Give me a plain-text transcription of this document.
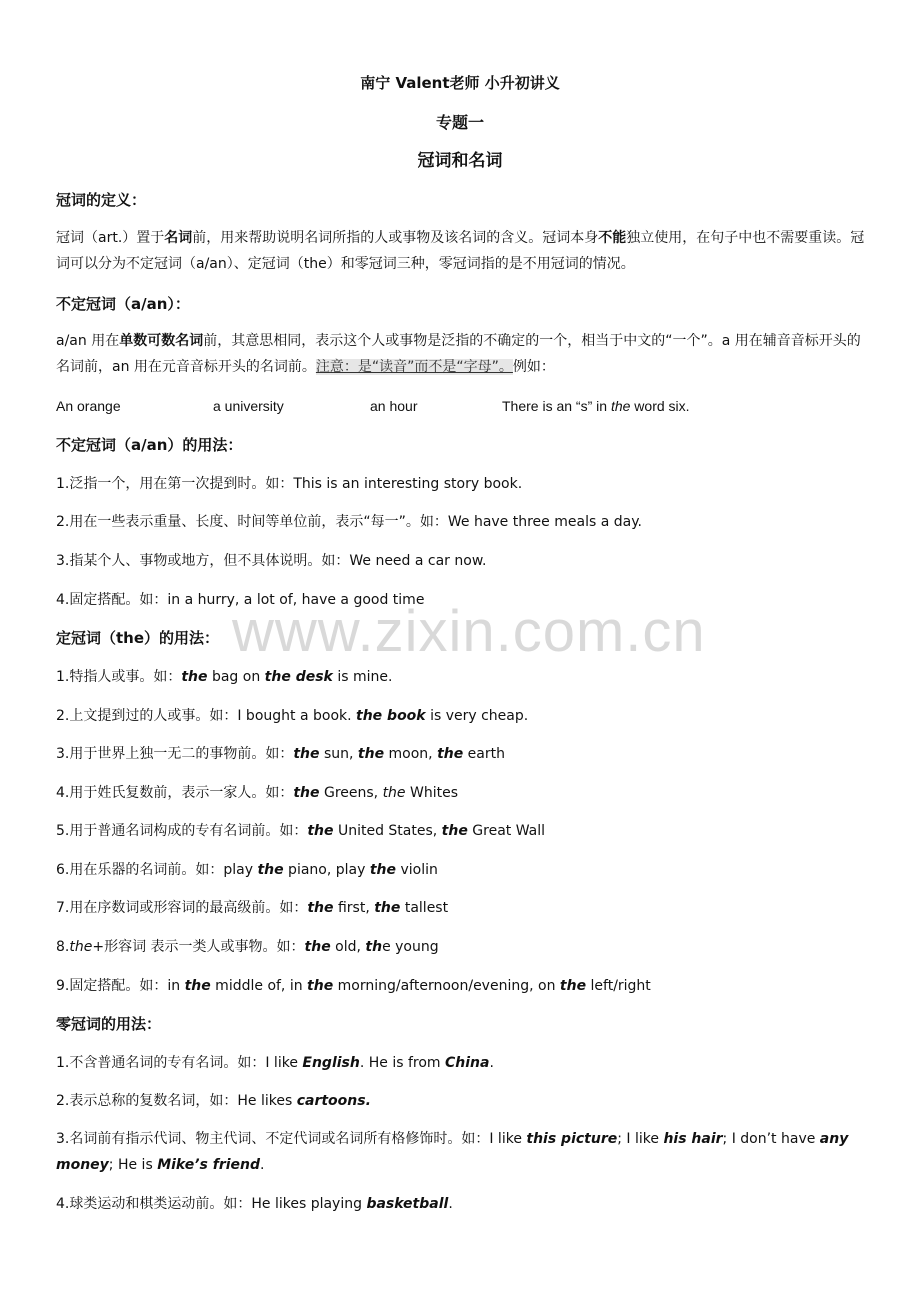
南宁 Valent老师 小升初讲义
专题一
冠词和名词
冠词的定义：
冠词（art.）置于名词前，用来帮助说明名词所指的人或事物及该名词的含义。冠词本身不能独立使用，在句子中也不需要重读。冠词可以分为不定冠词（a/an）、定冠词（the）和零冠词三种，零冠词指的是不用冠词的情况。
不定冠词（a/an）：
a/an 用在单数可数名词前，其意思相同，表示这个人或事物是泛指的不确定的一个，相当于中文的“一个”。a 用在辅音音标开头的名词前，an 用在元音音标开头的名词前。注意：是“读音”而不是“字母”。例如：
An orange	a university	an hour	There is an “s” in the word six.
不定冠词（a/an）的用法：
1.泛指一个，用在第一次提到时。如：This is an interesting story book.
2.用在一些表示重量、长度、时间等单位前，表示“每一”。如：We have three meals a day.
3.指某个人、事物或地方，但不具体说明。如：We need a car now.
4.固定搭配。如：in a hurry, a lot of, have a good time
定冠词（the）的用法：
1.特指人或事。如：the bag on the desk is mine.
2.上文提到过的人或事。如：I bought a book. the book is very cheap.
3.用于世界上独一无二的事物前。如：the sun, the moon, the earth
4.用于姓氏复数前，表示一家人。如：the Greens, the Whites
5.用于普通名词构成的专有名词前。如：the United States, the Great Wall
6.用在乐器的名词前。如：play the piano, play the violin
7.用在序数词或形容词的最高级前。如：the first, the tallest
8.the+形容词 表示一类人或事物。如：the old, the young
9.固定搭配。如：in the middle of, in the morning/afternoon/evening, on the left/right
零冠词的用法：
1.不含普通名词的专有名词。如：I like English. He is from China.
2.表示总称的复数名词，如：He likes cartoons.
3.名词前有指示代词、物主代词、不定代词或名词所有格修饰时。如：I like this picture; I like his hair; I don’t have any money; He is Mike’s friend.
4.球类运动和棋类运动前。如：He likes playing basketball.
www.zixin.com.cn
